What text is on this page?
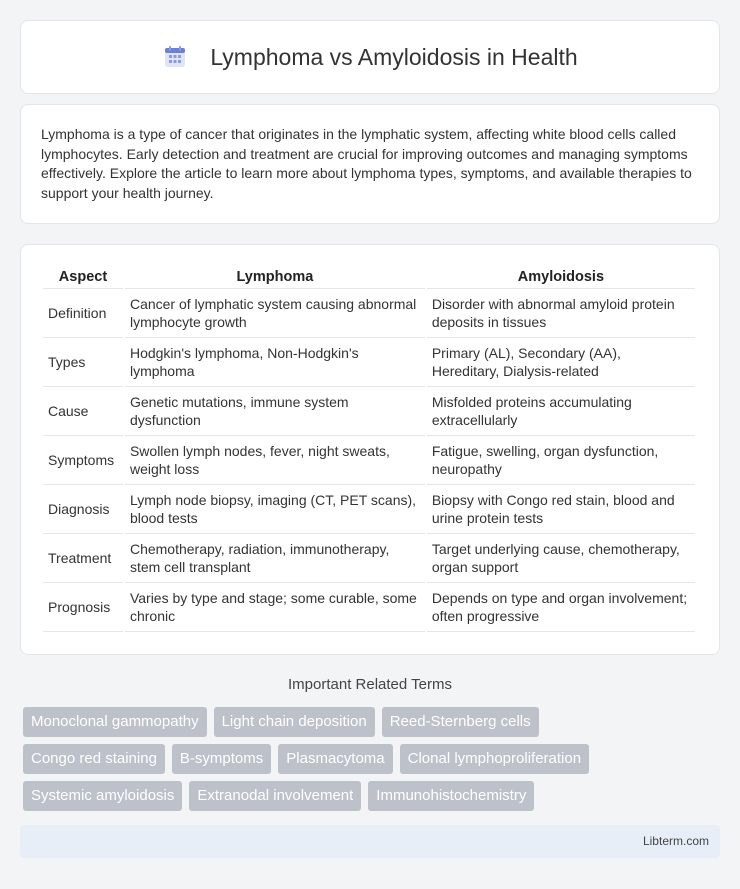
Lymphoma vs Amyloidosis in Health

Lymphoma is a type of cancer that originates in the lymphatic system, affecting white blood cells called lymphocytes. Early detection and treatment are crucial for improving outcomes and managing symptoms effectively. Explore the article to learn more about lymphoma types, symptoms, and available therapies to support your health journey.

Aspect	Lymphoma	Amyloidosis
Definition	Cancer of lymphatic system causing abnormal lymphocyte growth	Disorder with abnormal amyloid protein deposits in tissues
Types	Hodgkin's lymphoma, Non-Hodgkin's lymphoma	Primary (AL), Secondary (AA), Hereditary, Dialysis-related
Cause	Genetic mutations, immune system dysfunction	Misfolded proteins accumulating extracellularly
Symptoms	Swollen lymph nodes, fever, night sweats, weight loss	Fatigue, swelling, organ dysfunction, neuropathy
Diagnosis	Lymph node biopsy, imaging (CT, PET scans), blood tests	Biopsy with Congo red stain, blood and urine protein tests
Treatment	Chemotherapy, radiation, immunotherapy, stem cell transplant	Target underlying cause, chemotherapy, organ support
Prognosis	Varies by type and stage; some curable, some chronic	Depends on type and organ involvement; often progressive
Important Related Terms
Monoclonal gammopathy	Light chain deposition	Reed-Sternberg cells
Congo red staining	B-symptoms	Plasmacytoma	Clonal lymphoproliferation
Systemic amyloidosis	Extranodal involvement	Immunohistochemistry
Libterm.com
